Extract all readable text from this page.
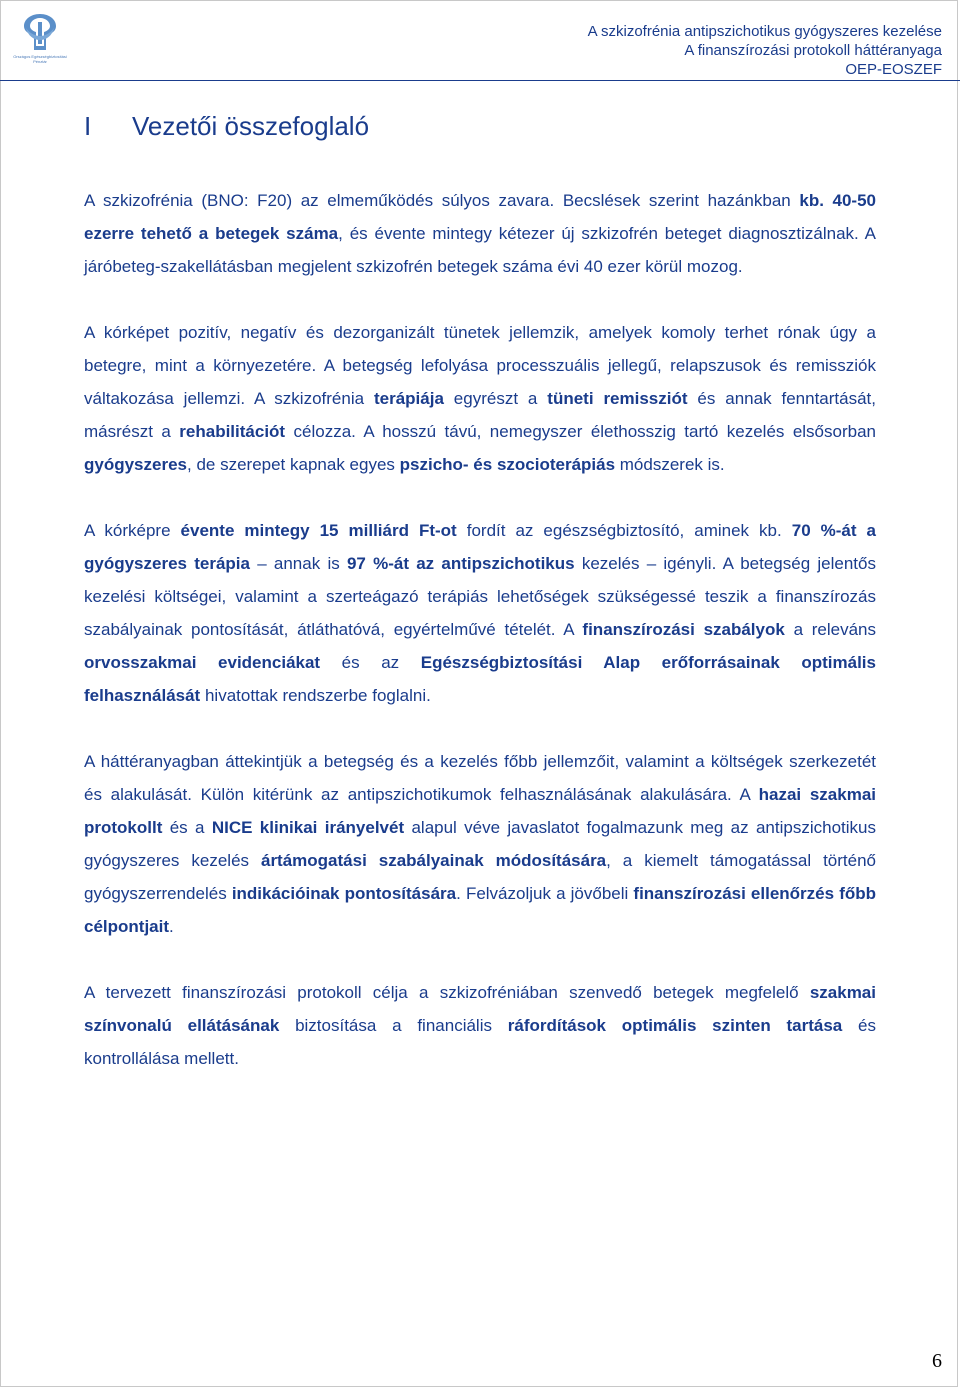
Országos Egészségbiztosítási Pénztár
A szkizofrénia antipszichotikus gyógyszeres kezelése
A finanszírozási protokoll háttéranyaga
OEP-EOSZEF
I Vezetői összefoglaló

A szkizofrénia (BNO: F20) az elmeműködés súlyos zavara. Becslések szerint hazánkban kb. 40-50 ezerre tehető a betegek száma, és évente mintegy kétezer új szkizofrén beteget diagnosztizálnak. A járóbeteg-szakellátásban megjelent szkizofrén betegek száma évi 40 ezer körül mozog.

A kórképet pozitív, negatív és dezorganizált tünetek jellemzik, amelyek komoly terhet rónak úgy a betegre, mint a környezetére. A betegség lefolyása processzuális jellegű, relapszusok és remissziók váltakozása jellemzi. A szkizofrénia terápiája egyrészt a tüneti remissziót és annak fenntartását, másrészt a rehabilitációt célozza. A hosszú távú, nemegyszer élethosszig tartó kezelés elsősorban gyógyszeres, de szerepet kapnak egyes pszicho- és szocioterápiás módszerek is.

A kórképre évente mintegy 15 milliárd Ft-ot fordít az egészségbiztosító, aminek kb. 70 %-át a gyógyszeres terápia – annak is 97 %-át az antipszichotikus kezelés – igényli. A betegség jelentős kezelési költségei, valamint a szerteágazó terápiás lehetőségek szükségessé teszik a finanszírozás szabályainak pontosítását, átláthatóvá, egyértelművé tételét. A finanszírozási szabályok a releváns orvosszakmai evidenciákat és az Egészségbiztosítási Alap erőforrásainak optimális felhasználását hivatottak rendszerbe foglalni.

A háttéranyagban áttekintjük a betegség és a kezelés főbb jellemzőit, valamint a költségek szerkezetét és alakulását. Külön kitérünk az antipszichotikumok felhasználásának alakulására. A hazai szakmai protokollt és a NICE klinikai irányelvét alapul véve javaslatot fogalmazunk meg az antipszichotikus gyógyszeres kezelés ártámogatási szabályainak módosítására, a kiemelt támogatással történő gyógyszerrendelés indikációinak pontosítására. Felvázoljuk a jövőbeli finanszírozási ellenőrzés főbb célpontjait.

A tervezett finanszírozási protokoll célja a szkizofréniában szenvedő betegek megfelelő szakmai színvonalú ellátásának biztosítása a financiális ráfordítások optimális szinten tartása és kontrollálása mellett.

6
